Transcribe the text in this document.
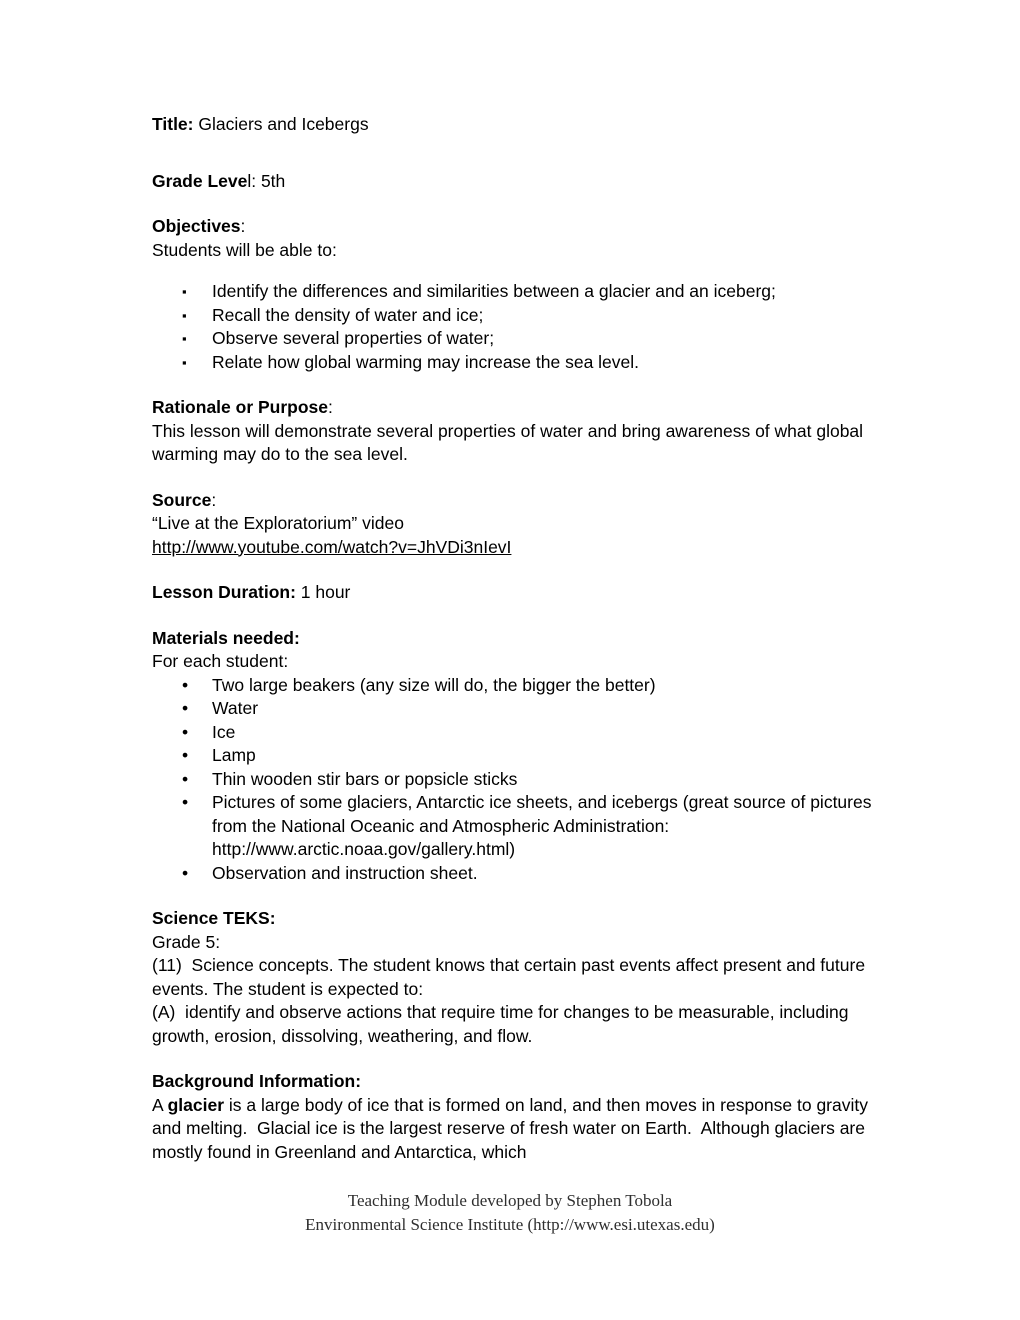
Title: Glaciers and Icebergs

Grade Level: 5th

Objectives:

Students will be able to:

▪	Identify the differences and similarities between a glacier and an iceberg;
▪	Recall the density of water and ice;
▪	Observe several properties of water;
▪	Relate how global warming may increase the sea level.

Rationale or Purpose:

This lesson will demonstrate several properties of water and bring awareness of what global warming may do to the sea level.

Source:

“Live at the Exploratorium” video

http://www.youtube.com/watch?v=JhVDi3nIevI

Lesson Duration: 1 hour

Materials needed:

For each student:

•	Two large beakers (any size will do, the bigger the better)
•	Water
•	Ice
•	Lamp
•	Thin wooden stir bars or popsicle sticks
•	Pictures of some glaciers, Antarctic ice sheets, and icebergs (great source of pictures from the National Oceanic and Atmospheric Administration: http://www.arctic.noaa.gov/gallery.html)
•	Observation and instruction sheet.

Science TEKS:

Grade 5:

(11)  Science concepts. The student knows that certain past events affect present and future events. The student is expected to:

(A)  identify and observe actions that require time for changes to be measurable, including growth, erosion, dissolving, weathering, and flow.

Background Information:

A glacier is a large body of ice that is formed on land, and then moves in response to gravity and melting.  Glacial ice is the largest reserve of fresh water on Earth.  Although glaciers are mostly found in Greenland and Antarctica, which

Teaching Module developed by Stephen Tobola

Environmental Science Institute (http://www.esi.utexas.edu)
